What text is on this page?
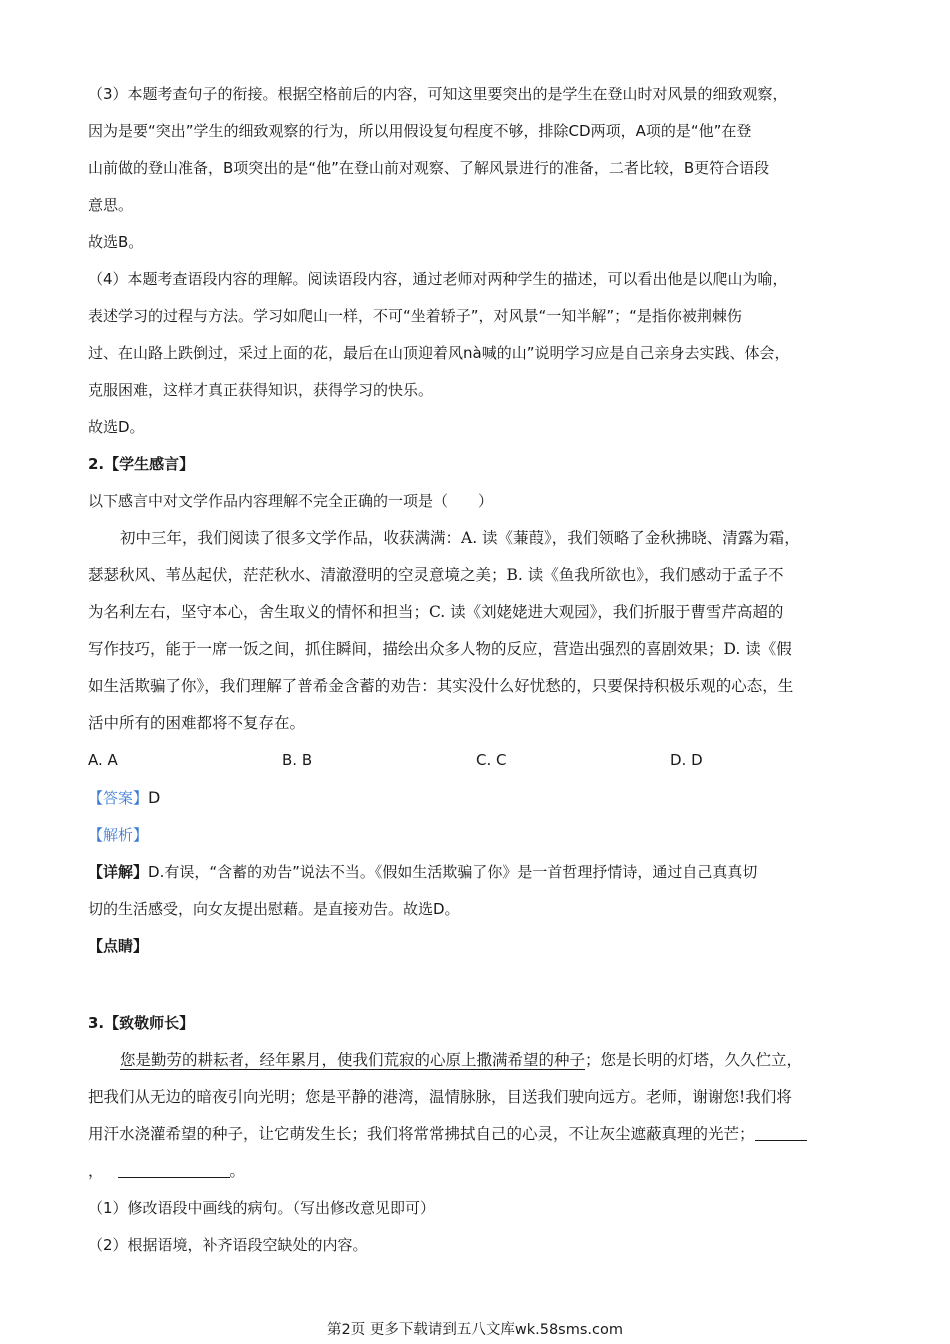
（3）本题考查句子的衔接。根据空格前后的内容，可知这里要突出的是学生在登山时对风景的细致观察，

因为是要“突出”学生的细致观察的行为，所以用假设复句程度不够，排除CD两项，A项的是“他”在登

山前做的登山准备，B项突出的是“他”在登山前对观察、了解风景进行的准备，二者比较，B更符合语段

意思。

故选B。

（4）本题考查语段内容的理解。阅读语段内容，通过老师对两种学生的描述，可以看出他是以爬山为喻，

表述学习的过程与方法。学习如爬山一样，不可“坐着轿子”，对风景“一知半解”；“是指你被荆棘伤

过、在山路上跌倒过，采过上面的花，最后在山顶迎着风nà喊的山”说明学习应是自己亲身去实践、体会，

克服困难，这样才真正获得知识，获得学习的快乐。

故选D。

2.【学生感言】

以下感言中对文学作品内容理解不完全正确的一项是（　　）

初中三年，我们阅读了很多文学作品，收获满满：A. 读《蒹葭》，我们领略了金秋拂晓、清露为霜，

瑟瑟秋风、苇丛起伏，茫茫秋水、清澈澄明的空灵意境之美；B. 读《鱼我所欲也》，我们感动于孟子不

为名利左右，坚守本心，舍生取义的情怀和担当；C. 读《刘姥姥进大观园》，我们折服于曹雪芹高超的

写作技巧，能于一席一饭之间，抓住瞬间，描绘出众多人物的反应，营造出强烈的喜剧效果；D. 读《假

如生活欺骗了你》，我们理解了普希金含蓄的劝告：其实没什么好忧愁的，只要保持积极乐观的心态，生

活中所有的困难都将不复存在。

A. A	B. B	C. C	D. D

【答案】D

【解析】

【详解】D.有误，“含蓄的劝告”说法不当。《假如生活欺骗了你》是一首哲理抒情诗，通过自己真真切

切的生活感受，向女友提出慰藉。是直接劝告。故选D。

【点睛】

3.【致敬师长】

您是勤劳的耕耘者，经年累月，使我们荒寂的心原上撒满希望的种子；您是长明的灯塔，久久伫立，

把我们从无边的暗夜引向光明；您是平静的港湾，温情脉脉，目送我们驶向远方。老师，谢谢您!我们将

用汗水浇灌希望的种子，让它萌发生长；我们将常常拂拭自己的心灵，不让灰尘遮蔽真理的光芒；

，	。

（1）修改语段中画线的病句。（写出修改意见即可）

（2）根据语境，补齐语段空缺处的内容。

第2页 更多下载请到五八文库wk.58sms.com
